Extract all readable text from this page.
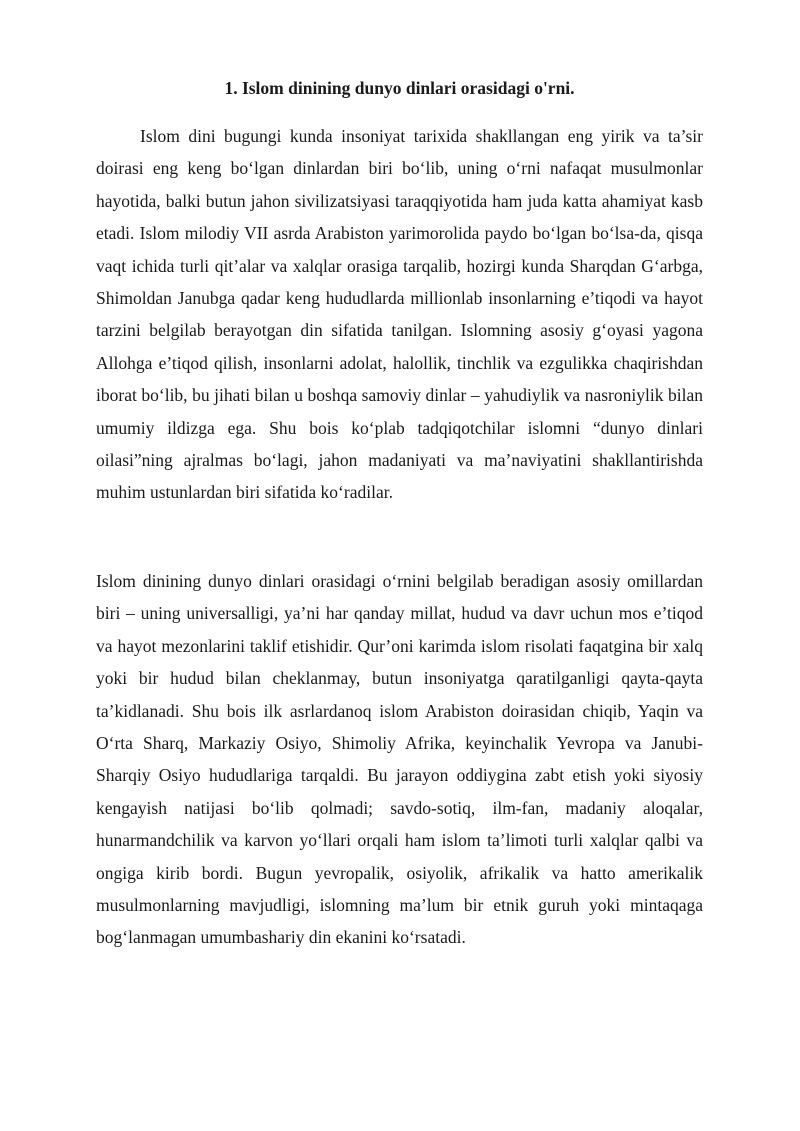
1. Islom dinining dunyo dinlari orasidagi o'rni.

Islom dini bugungi kunda insoniyat tarixida shakllangan eng yirik va ta’sir doirasi eng keng bo‘lgan dinlardan biri bo‘lib, uning o‘rni nafaqat musulmonlar hayotida, balki butun jahon sivilizatsiyasi taraqqiyotida ham juda katta ahamiyat kasb etadi. Islom milodiy VII asrda Arabiston yarimorolida paydo bo‘lgan bo‘lsa-da, qisqa vaqt ichida turli qit’alar va xalqlar orasiga tarqalib, hozirgi kunda Sharqdan G‘arbga, Shimoldan Janubga qadar keng hududlarda millionlab insonlarning e’tiqodi va hayot tarzini belgilab berayotgan din sifatida tanilgan. Islomning asosiy g‘oyasi yagona Allohga e’tiqod qilish, insonlarni adolat, halollik, tinchlik va ezgulikka chaqirishdan iborat bo‘lib, bu jihati bilan u boshqa samoviy dinlar – yahudiylik va nasroniylik bilan umumiy ildizga ega. Shu bois ko‘plab tadqiqotchilar islomni “dunyo dinlari oilasi”ning ajralmas bo‘lagi, jahon madaniyati va ma’naviyatini shakllantirishda muhim ustunlardan biri sifatida ko‘radilar.

Islom dinining dunyo dinlari orasidagi o‘rnini belgilab beradigan asosiy omillardan biri – uning universalligi, ya’ni har qanday millat, hudud va davr uchun mos e’tiqod va hayot mezonlarini taklif etishidir. Qur’oni karimda islom risolati faqatgina bir xalq yoki bir hudud bilan cheklanmay, butun insoniyatga qaratilganligi qayta-qayta ta’kidlanadi. Shu bois ilk asrlardanoq islom Arabiston doirasidan chiqib, Yaqin va O‘rta Sharq, Markaziy Osiyo, Shimoliy Afrika, keyinchalik Yevropa va Janubi-Sharqiy Osiyo hududlariga tarqaldi. Bu jarayon oddiygina zabt etish yoki siyosiy kengayish natijasi bo‘lib qolmadi; savdo-sotiq, ilm-fan, madaniy aloqalar, hunarmandchilik va karvon yo‘llari orqali ham islom ta’limoti turli xalqlar qalbi va ongiga kirib bordi. Bugun yevropalik, osiyolik, afrikalik va hatto amerikalik musulmonlarning mavjudligi, islomning ma’lum bir etnik guruh yoki mintaqaga bog‘lanmagan umumbashariy din ekanini ko‘rsatadi.
